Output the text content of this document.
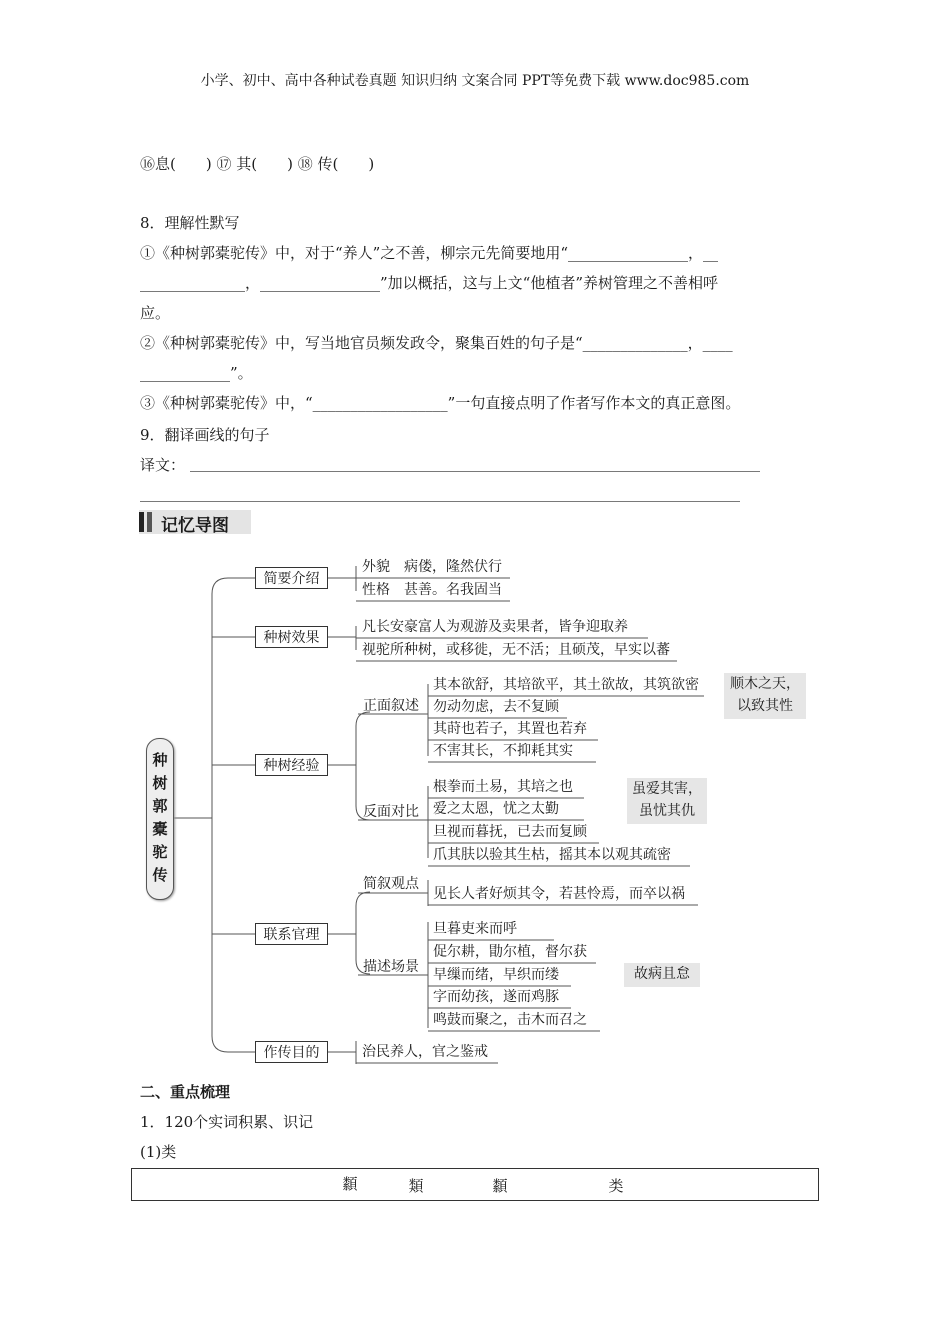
小学、初中、高中各种试卷真题 知识归纳 文案合同 PPT等免费下载 www.doc985.com
⑯息(　　) ⑰ 其(　　) ⑱ 传(　　)
8．理解性默写
①《种树郭橐驼传》中，对于“养人”之不善，柳宗元先简要地用“________________，__
______________，________________”加以概括，这与上文“他植者”养树管理之不善相呼
应。
②《种树郭橐驼传》中，写当地官员频发政令，聚集百姓的句子是“______________，____
____________”。
③《种树郭橐驼传》中，“__________________”一句直接点明了作者写作本文的真正意图。
9．翻译画线的句子
译文： ____________________________________________________________________________
________________________________________________________________________________
记忆导图
种
树
郭
橐
驼
传
简要介绍
种树效果
种树经验
联系官理
作传目的
正面叙述
反面对比
简叙观点
描述场景
外貌　病偻，隆然伏行
性格　甚善。名我固当
凡长安豪富人为观游及卖果者，皆争迎取养
视驼所种树，或移徙，无不活；且硕茂，早实以蕃
其本欲舒，其培欲平，其土欲故，其筑欲密
勿动勿虑，去不复顾
其莳也若子，其置也若弃
不害其长，不抑耗其实
根拳而土易，其培之也
爱之太恩，忧之太勤
旦视而暮抚，已去而复顾
爪其肤以验其生枯，摇其本以观其疏密
见长人者好烦其令，若甚怜焉，而卒以祸
旦暮吏来而呼
促尔耕，勖尔植，督尔获
早缫而绪，早织而缕
字而幼孩，遂而鸡豚
鸣鼓而聚之，击木而召之
治民养人，官之鉴戒
顺木之天，
以致其性
虽爱其害，
虽忧其仇
故病且怠
二、重点梳理
1．120个实词积累、识记
(1)类
纇	類	纇	类
